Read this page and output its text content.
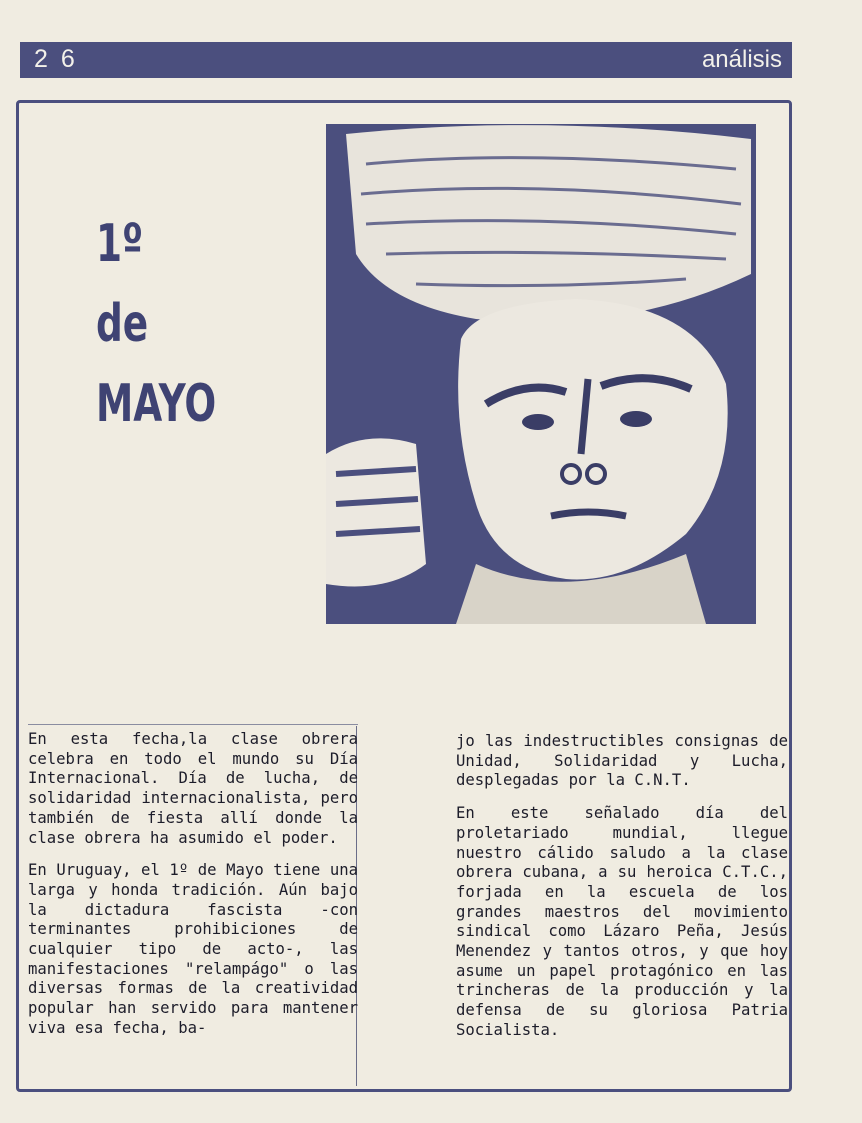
2 6	análisis
1º
de
MAYO

En esta fecha,la clase obrera celebra en todo el mundo su Día Internacional. Día de lucha, de solidaridad internacionalista, pero también de fiesta allí donde la clase obrera ha asumido el poder.

En Uruguay, el 1º de Mayo tiene una larga y honda tradición. Aún bajo la dictadura fascista -con terminantes prohibiciones de cualquier tipo de acto-, las manifestaciones "relampágo" o las diversas formas de la creatividad popular han servido para mantener viva esa fecha, ba-

jo las indestructibles consignas de Unidad, Solidaridad y Lucha, desplegadas por la C.N.T.

En este señalado día del proletariado mundial, llegue nuestro cálido saludo a la clase obrera cubana, a su heroica C.T.C., forjada en la escuela de los grandes maestros del movimiento sindical como Lázaro Peña, Jesús Menendez y tantos otros, y que hoy asume un papel protagónico en las trincheras de la producción y la defensa de su gloriosa Patria Socialista.
